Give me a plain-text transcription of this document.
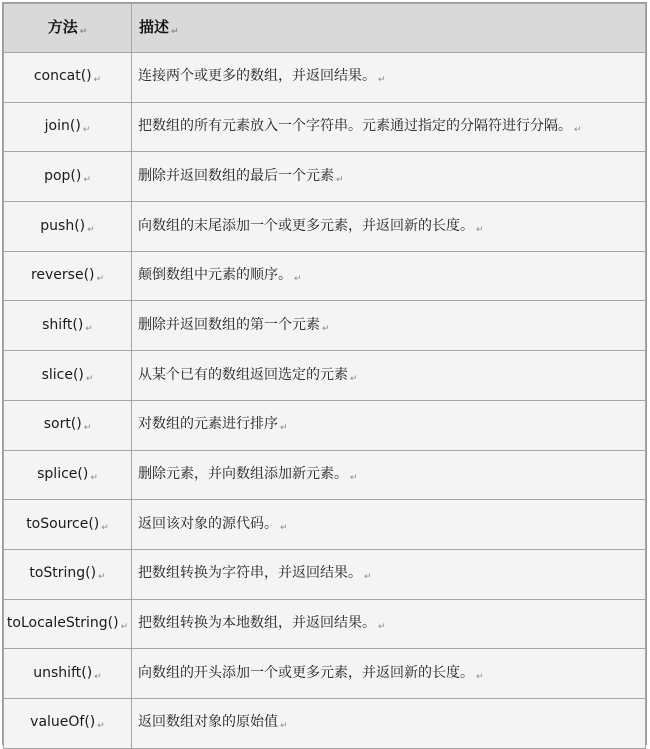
方法 ↵	描述 ↵
concat() ↵	连接两个或更多的数组，并返回结果。 ↵
join() ↵	把数组的所有元素放入一个字符串。元素通过指定的分隔符进行分隔。 ↵
pop() ↵	删除并返回数组的最后一个元素 ↵
push() ↵	向数组的末尾添加一个或更多元素，并返回新的长度。 ↵
reverse() ↵	颠倒数组中元素的顺序。 ↵
shift() ↵	删除并返回数组的第一个元素 ↵
slice() ↵	从某个已有的数组返回选定的元素 ↵
sort() ↵	对数组的元素进行排序 ↵
splice() ↵	删除元素，并向数组添加新元素。 ↵
toSource() ↵	返回该对象的源代码。 ↵
toString() ↵	把数组转换为字符串，并返回结果。 ↵
toLocaleString() ↵	把数组转换为本地数组，并返回结果。 ↵
unshift() ↵	向数组的开头添加一个或更多元素，并返回新的长度。 ↵
valueOf() ↵	返回数组对象的原始值 ↵
